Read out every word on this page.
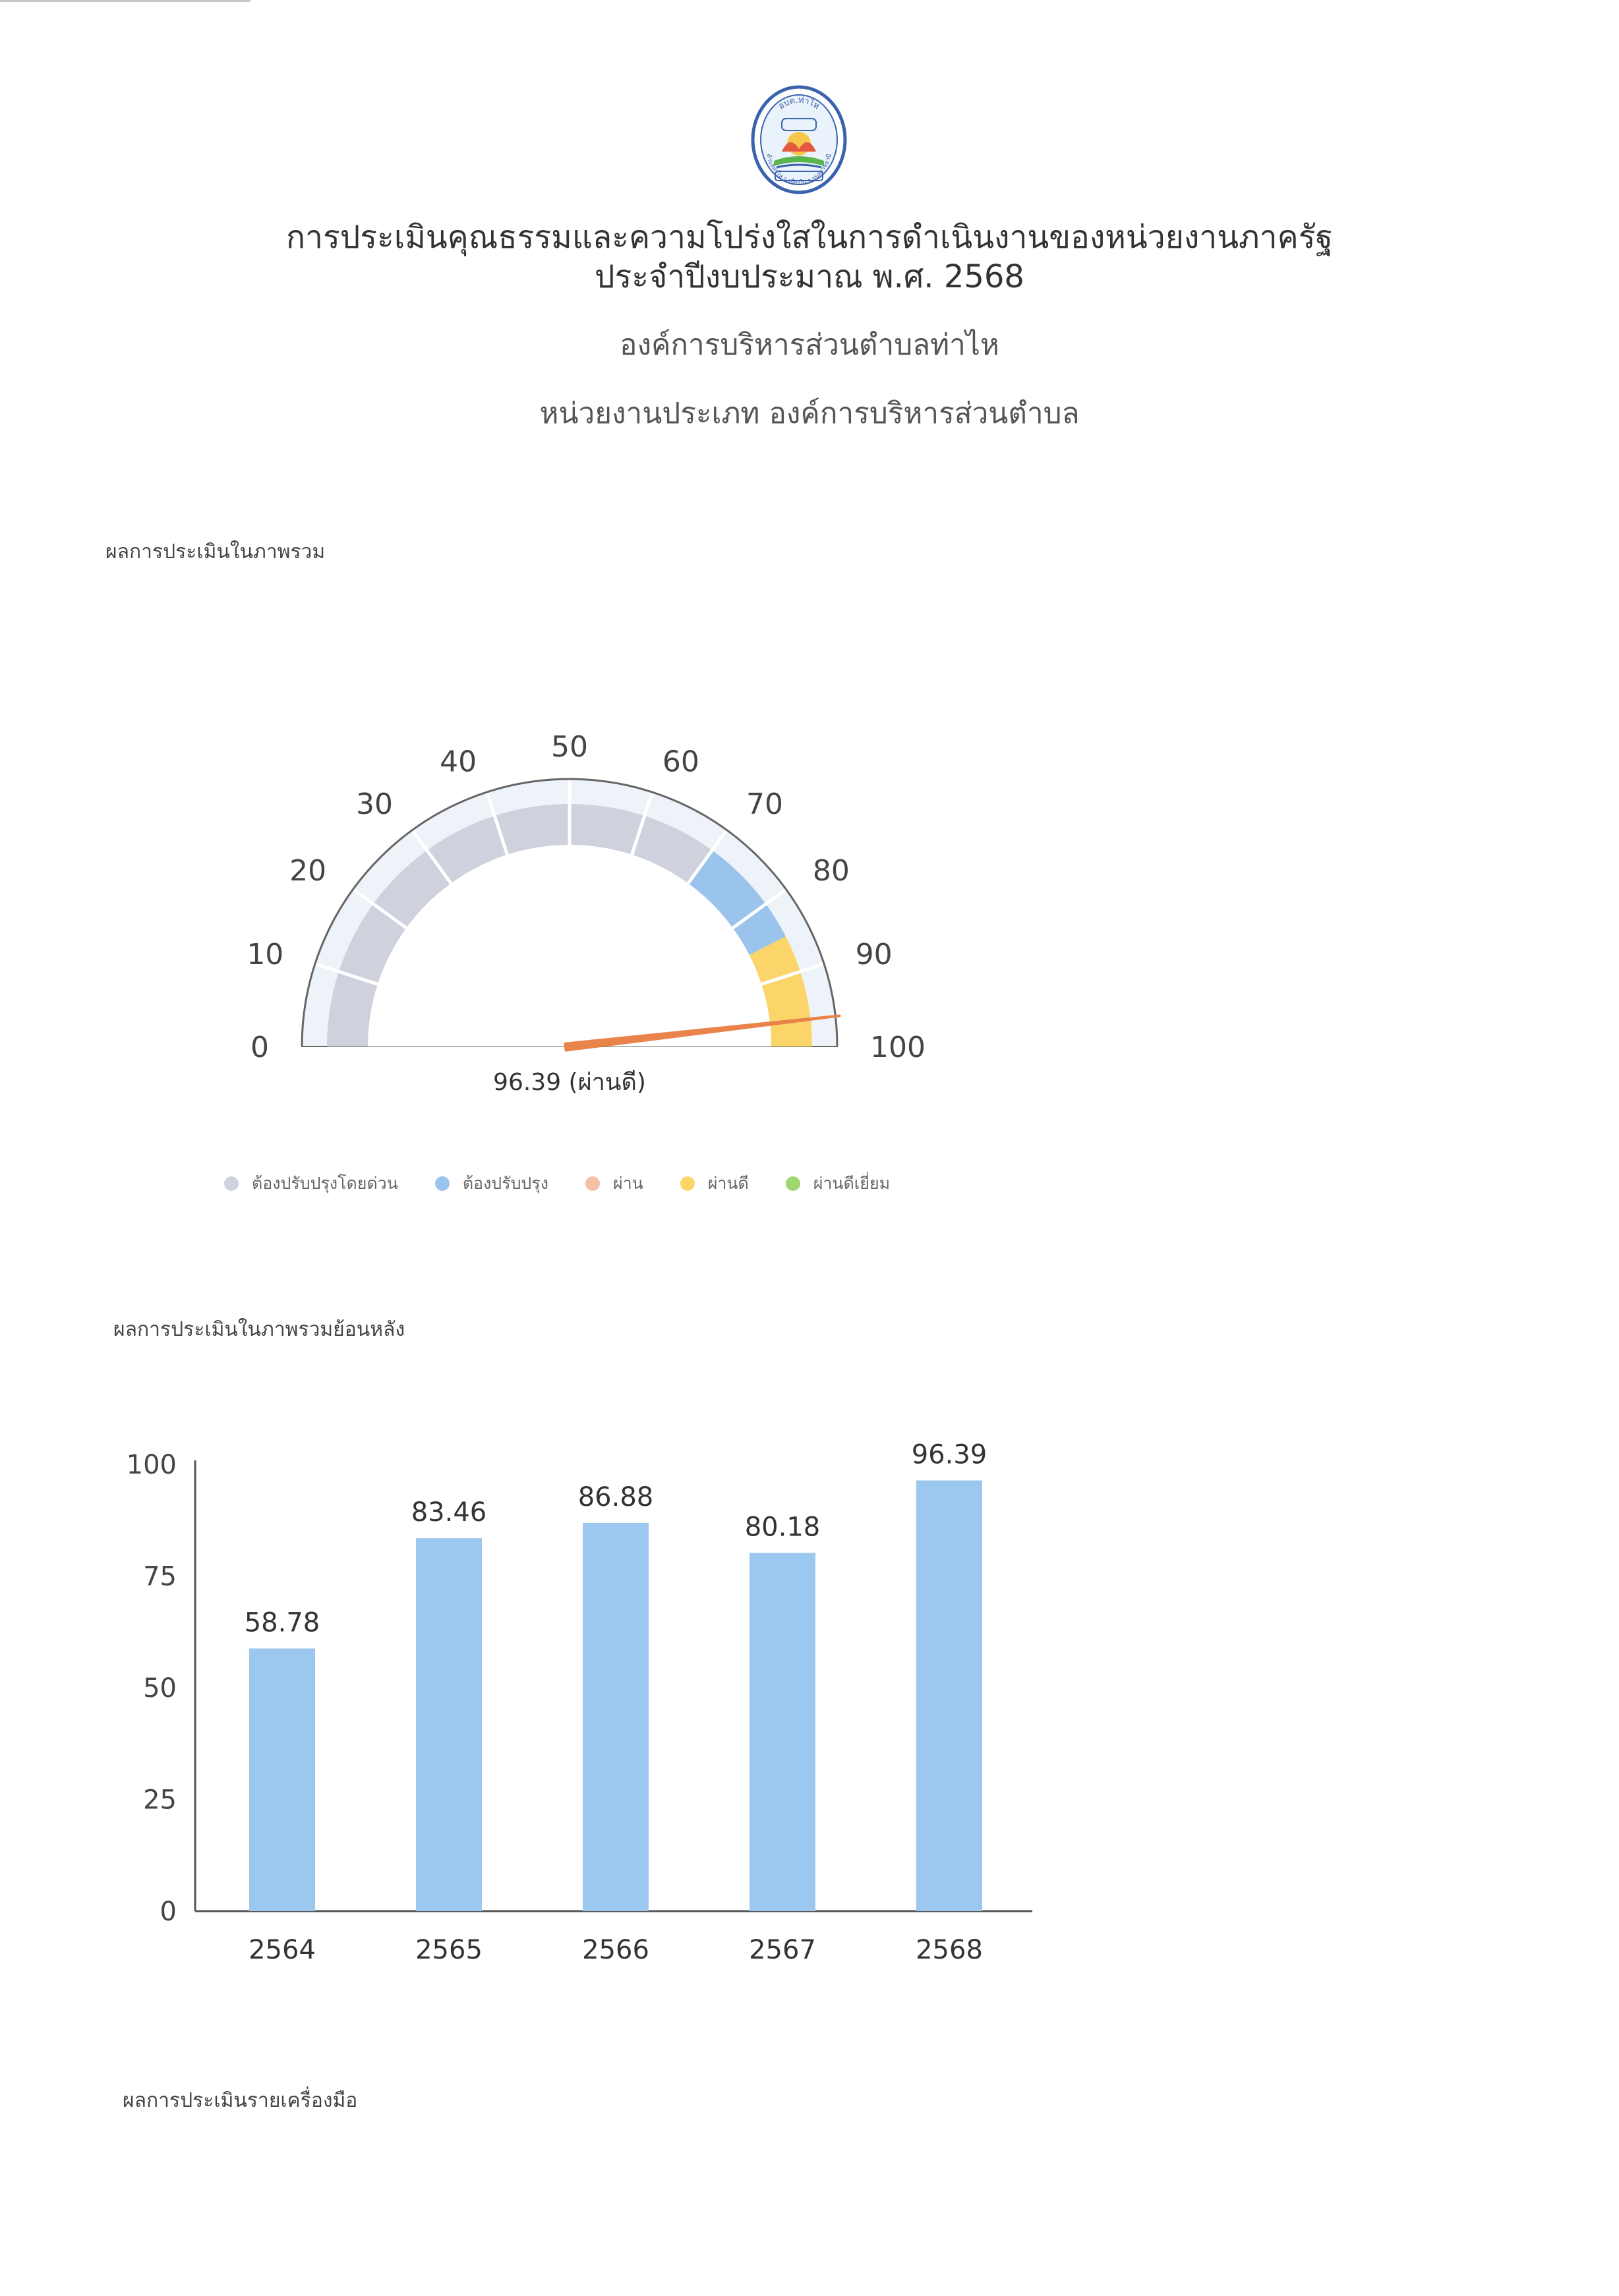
อบต.ท่าไห
ตำบลท่าไห อ.เขื่องใน จ.อุบลราชธานี
การประเมินคุณธรรมและความโปร่งใสในการดำเนินงานของหน่วยงานภาครัฐ
ประจำปีงบประมาณ พ.ศ. 2568
องค์การบริหารส่วนตำบลท่าไห
หน่วยงานประเภท องค์การบริหารส่วนตำบล
ผลการประเมินในภาพรวม
0
10
20
30
40	50	60
70
80
90
100
96.39 (ผ่านดี)
ต้องปรับปรุงโดยด่วน	ต้องปรับปรุง	ผ่าน	ผ่านดี	ผ่านดีเยี่ยม
ผลการประเมินในภาพรวมย้อนหลัง
0
25
50
75
100
58.78
2564
83.46
2565
86.88
2566
80.18
2567
96.39
2568
ผลการประเมินรายเครื่องมือ
